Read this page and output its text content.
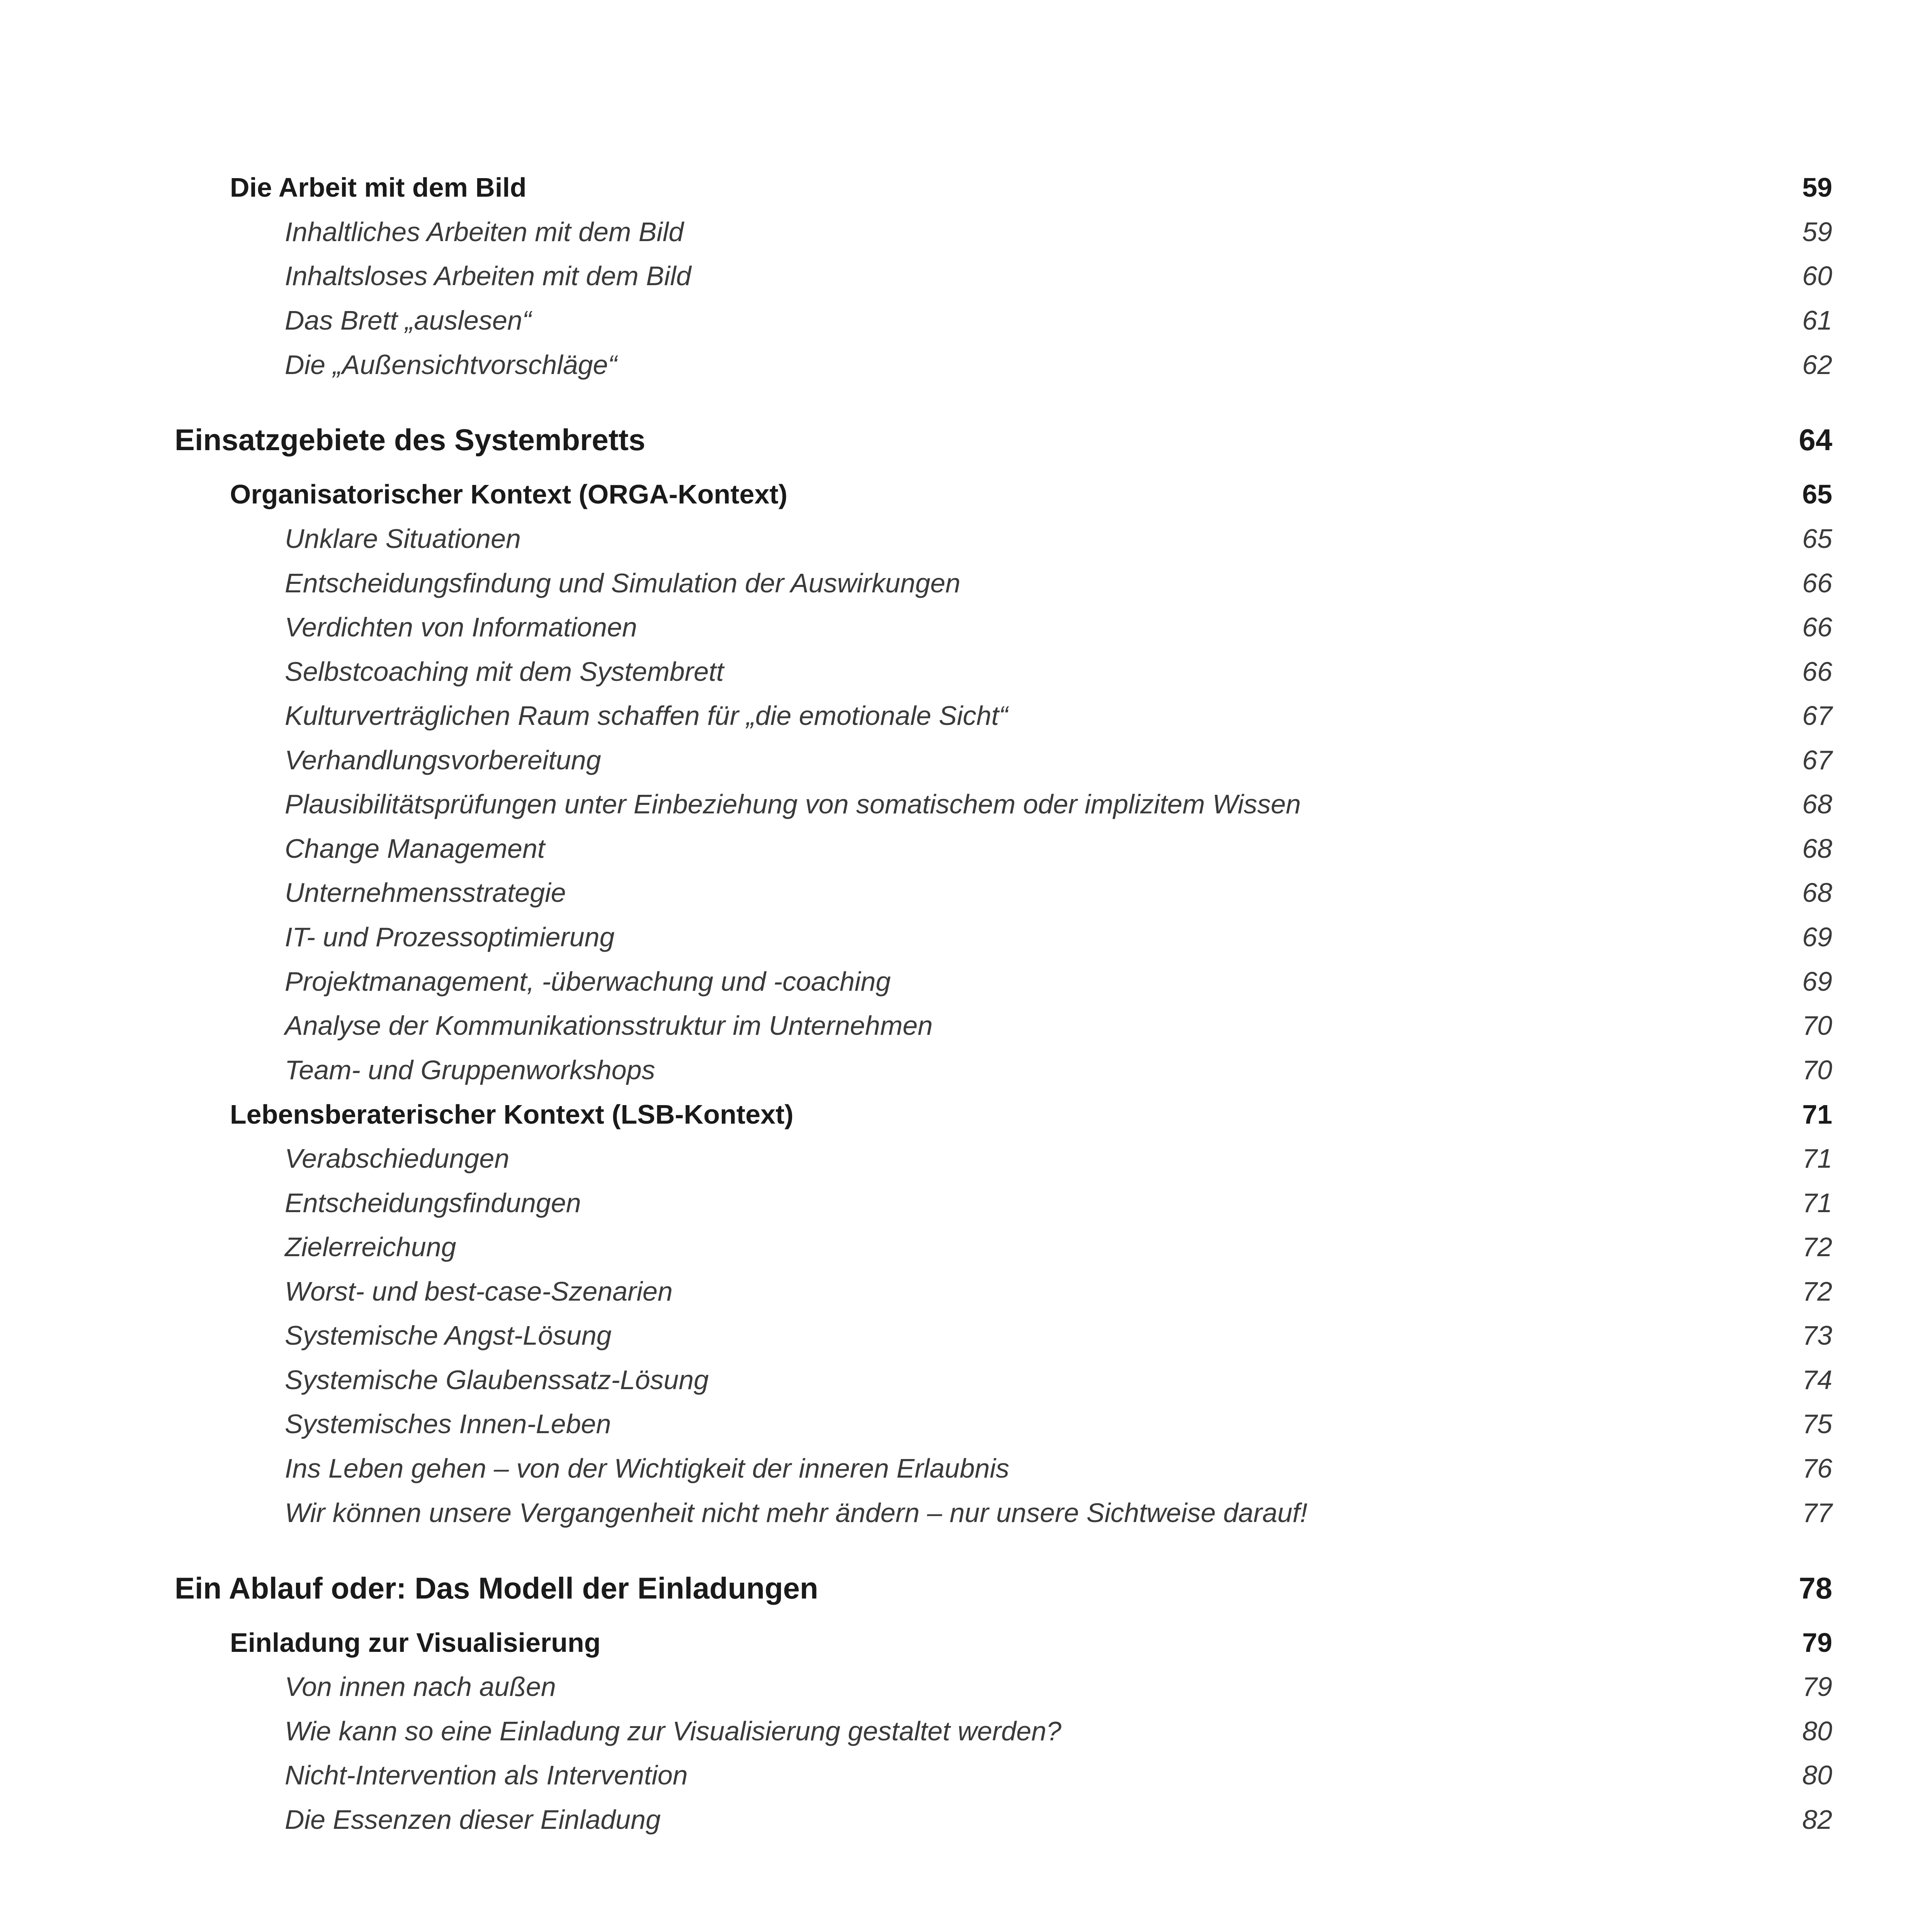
Die Arbeit mit dem Bild	59
Inhaltliches Arbeiten mit dem Bild	59
Inhaltsloses Arbeiten mit dem Bild	60
Das Brett „auslesen“	61
Die „Außensichtvorschläge“	62
Einsatzgebiete des Systembretts	64
Organisatorischer Kontext (ORGA-Kontext)	65
Unklare Situationen	65
Entscheidungsfindung und Simulation der Auswirkungen	66
Verdichten von Informationen	66
Selbstcoaching mit dem Systembrett	66
Kulturverträglichen Raum schaffen für „die emotionale Sicht“	67
Verhandlungsvorbereitung	67
Plausibilitätsprüfungen unter Einbeziehung von somatischem oder implizitem Wissen	68
Change Management	68
Unternehmensstrategie	68
IT- und Prozessoptimierung	69
Projektmanagement, -überwachung und -coaching	69
Analyse der Kommunikationsstruktur im Unternehmen	70
Team- und Gruppenworkshops	70
Lebensberaterischer Kontext (LSB-Kontext)	71
Verabschiedungen	71
Entscheidungsfindungen	71
Zielerreichung	72
Worst- und best-case-Szenarien	72
Systemische Angst-Lösung	73
Systemische Glaubenssatz-Lösung	74
Systemisches Innen-Leben	75
Ins Leben gehen – von der Wichtigkeit der inneren Erlaubnis	76
Wir können unsere Vergangenheit nicht mehr ändern – nur unsere Sichtweise darauf!	77
Ein Ablauf oder: Das Modell der Einladungen	78
Einladung zur Visualisierung	79
Von innen nach außen	79
Wie kann so eine Einladung zur Visualisierung gestaltet werden?	80
Nicht-Intervention als Intervention	80
Die Essenzen dieser Einladung	82
